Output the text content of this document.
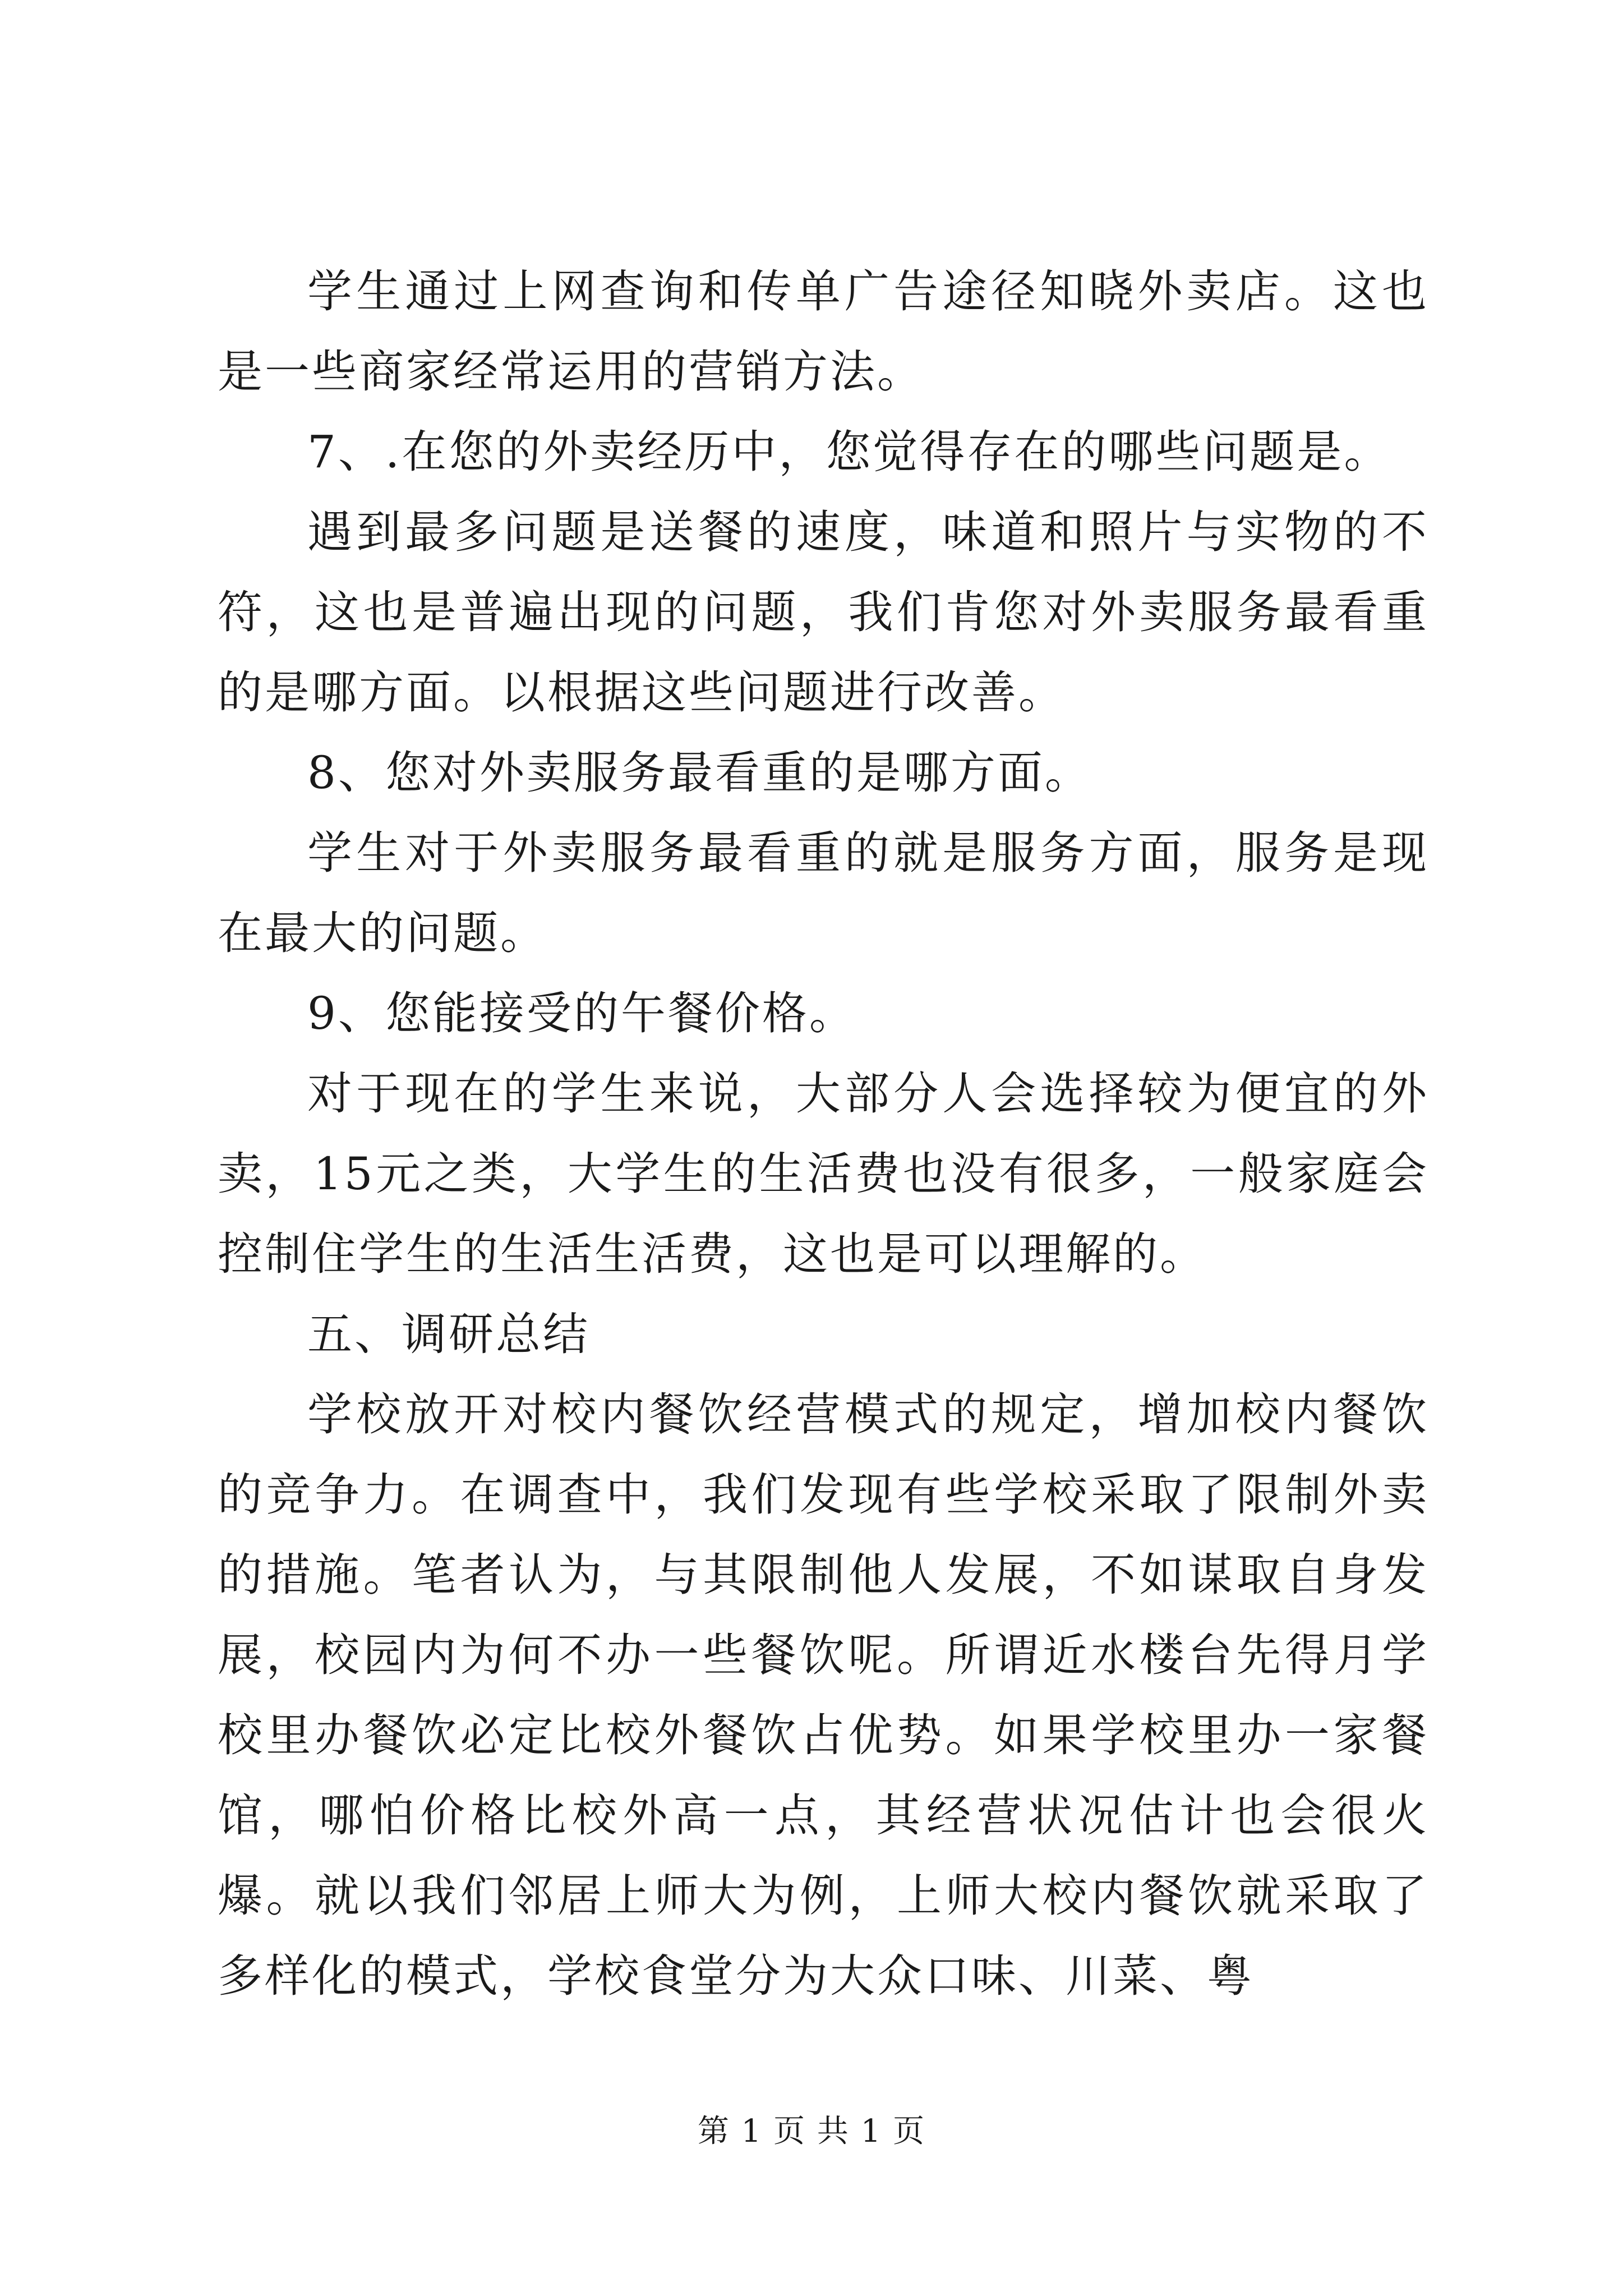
学生通过上网查询和传单广告途径知晓外卖店。这也是一些商家经常运用的营销方法。

7、.在您的外卖经历中，您觉得存在的哪些问题是。

遇到最多问题是送餐的速度，味道和照片与实物的不符，这也是普遍出现的问题，我们肯您对外卖服务最看重的是哪方面。以根据这些问题进行改善。

8、您对外卖服务最看重的是哪方面。

学生对于外卖服务最看重的就是服务方面，服务是现在最大的问题。

9、您能接受的午餐价格。

对于现在的学生来说，大部分人会选择较为便宜的外卖，15元之类，大学生的生活费也没有很多，一般家庭会控制住学生的生活生活费，这也是可以理解的。

五、调研总结

学校放开对校内餐饮经营模式的规定，增加校内餐饮的竞争力。在调查中，我们发现有些学校采取了限制外卖的措施。笔者认为，与其限制他人发展，不如谋取自身发展，校园内为何不办一些餐饮呢。所谓近水楼台先得月学校里办餐饮必定比校外餐饮占优势。如果学校里办一家餐馆，哪怕价格比校外高一点，其经营状况估计也会很火爆。就以我们邻居上师大为例，上师大校内餐饮就采取了多样化的模式，学校食堂分为大众口味、川菜、粤

第 1 页 共 1 页
